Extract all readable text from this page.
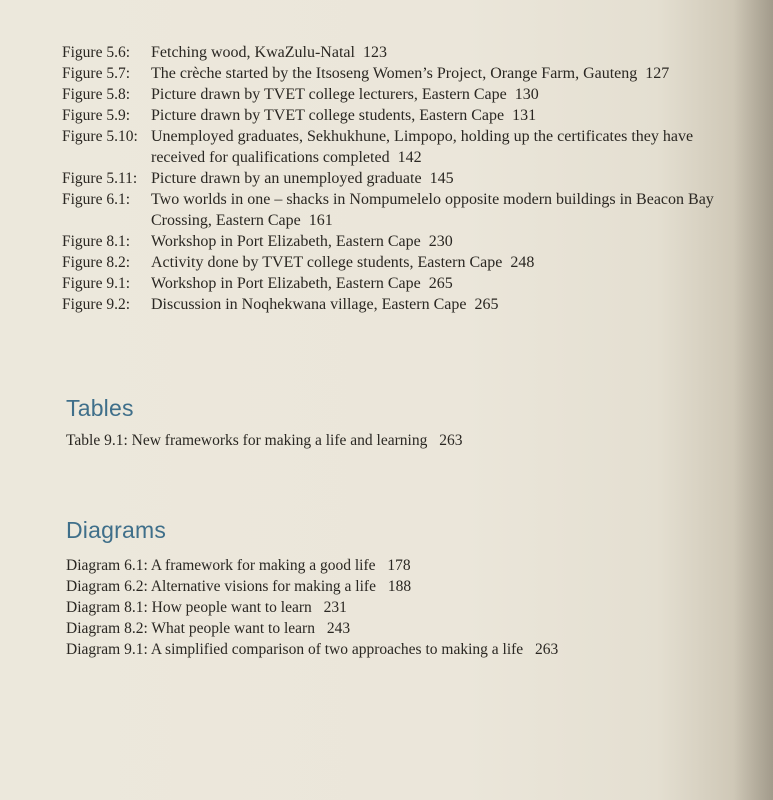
Figure 5.6:	Fetching wood, KwaZulu-Natal 123
Figure 5.7:	The crèche started by the Itsoseng Women’s Project, Orange Farm, Gauteng 127
Figure 5.8:	Picture drawn by TVET college lecturers, Eastern Cape 130
Figure 5.9:	Picture drawn by TVET college students, Eastern Cape 131
Figure 5.10: Unemployed graduates, Sekhukhune, Limpopo, holding up the certificates they have received for qualifications completed 142
Figure 5.11: Picture drawn by an unemployed graduate 145
Figure 6.1:	Two worlds in one – shacks in Nompumelelo opposite modern buildings in Beacon Bay Crossing, Eastern Cape 161
Figure 8.1:	Workshop in Port Elizabeth, Eastern Cape 230
Figure 8.2:	Activity done by TVET college students, Eastern Cape 248
Figure 9.1:	Workshop in Port Elizabeth, Eastern Cape 265
Figure 9.2:	Discussion in Noqhekwana village, Eastern Cape 265
Tables
Table 9.1: New frameworks for making a life and learning 263
Diagrams
Diagram 6.1: A framework for making a good life 178
Diagram 6.2: Alternative visions for making a life 188
Diagram 8.1: How people want to learn 231
Diagram 8.2: What people want to learn 243
Diagram 9.1: A simplified comparison of two approaches to making a life 263
